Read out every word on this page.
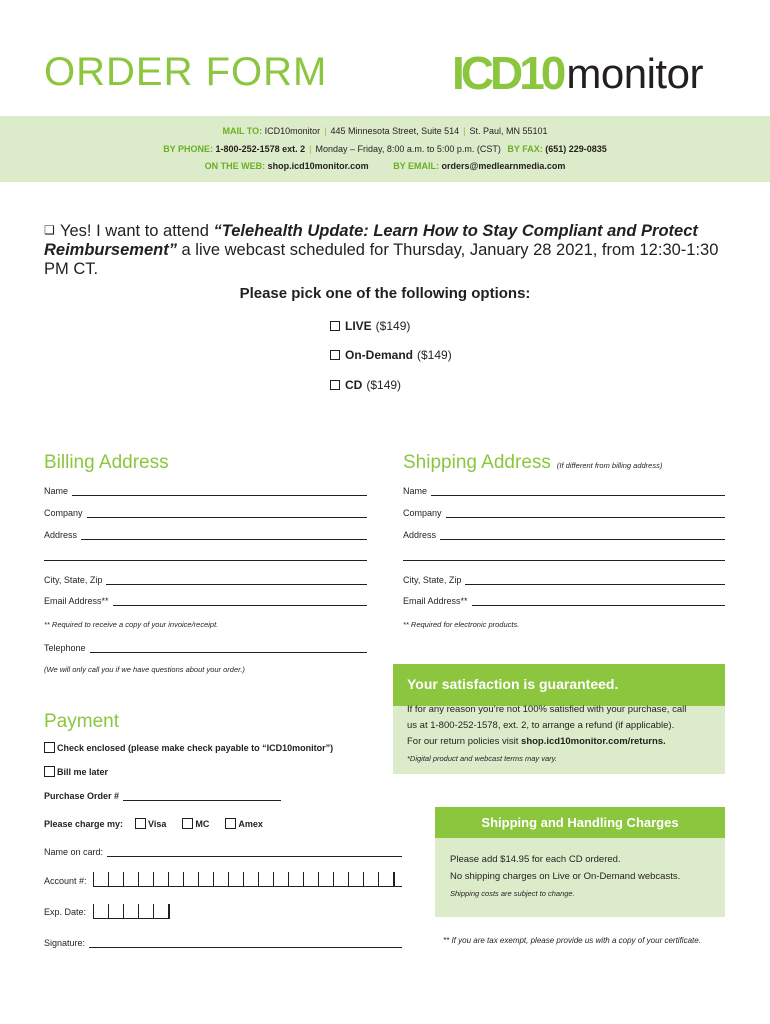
ORDER FORM	ICD10 monitor
MAIL TO: ICD10monitor | 445 Minnesota Street, Suite 514 | St. Paul, MN 55101
BY PHONE: 1-800-252-1578 ext. 2 | Monday – Friday, 8:00 a.m. to 5:00 p.m. (CST) BY FAX: (651) 229-0835
ON THE WEB: shop.icd10monitor.com	BY EMAIL: orders@medlearnmedia.com
❑ Yes! I want to attend “Telehealth Update: Learn How to Stay Compliant and Protect Reimbursement” a live webcast scheduled for Thursday, January 28 2021, from 12:30-1:30 PM CT.
Please pick one of the following options:
LIVE ($149)
On-Demand ($149)
CD ($149)
Billing Address
Name
Company
Address
City, State, Zip
Email Address**
** Required to receive a copy of your invoice/receipt.
Telephone
(We will only call you if we have questions about your order.)
Shipping Address (If different from billing address)
Name
Company
Address
City, State, Zip
Email Address**
** Required for electronic products.
Your satisfaction is guaranteed.
If for any reason you’re not 100% satisfied with your purchase, call
us at 1-800-252-1578, ext. 2, to arrange a refund (if applicable).
For our return policies visit shop.icd10monitor.com/returns.
*Digital product and webcast terms may vary.
Payment
Check enclosed (please make check payable to “ICD10monitor”)
Bill me later
Purchase Order #
Please charge my:	Visa	MC	Amex
Name on card:
Account #:
Exp. Date:
Signature:
Shipping and Handling Charges
Please add $14.95 for each CD ordered.
No shipping charges on Live or On-Demand webcasts.
Shipping costs are subject to change.
** If you are tax exempt, please provide us with a copy of your certificate.
